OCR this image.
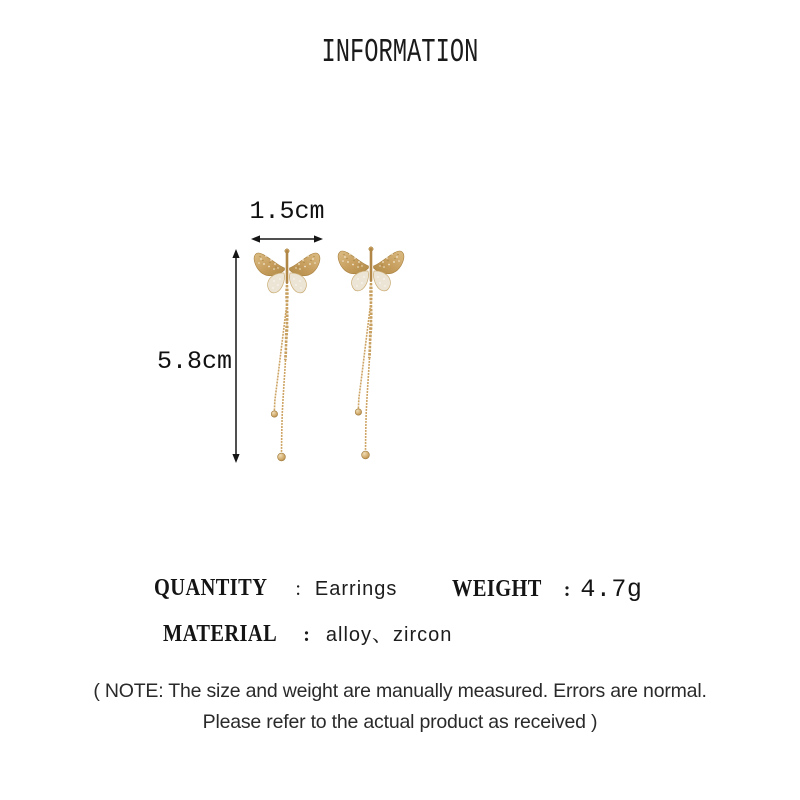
INFORMATION
1.5cm
5.8cm
QUANTITY : Earrings WEIGHT : 4.7g
MATERIAL : alloy、zircon
( NOTE: The size and weight are manually measured. Errors are normal.
Please refer to the actual product as received )
